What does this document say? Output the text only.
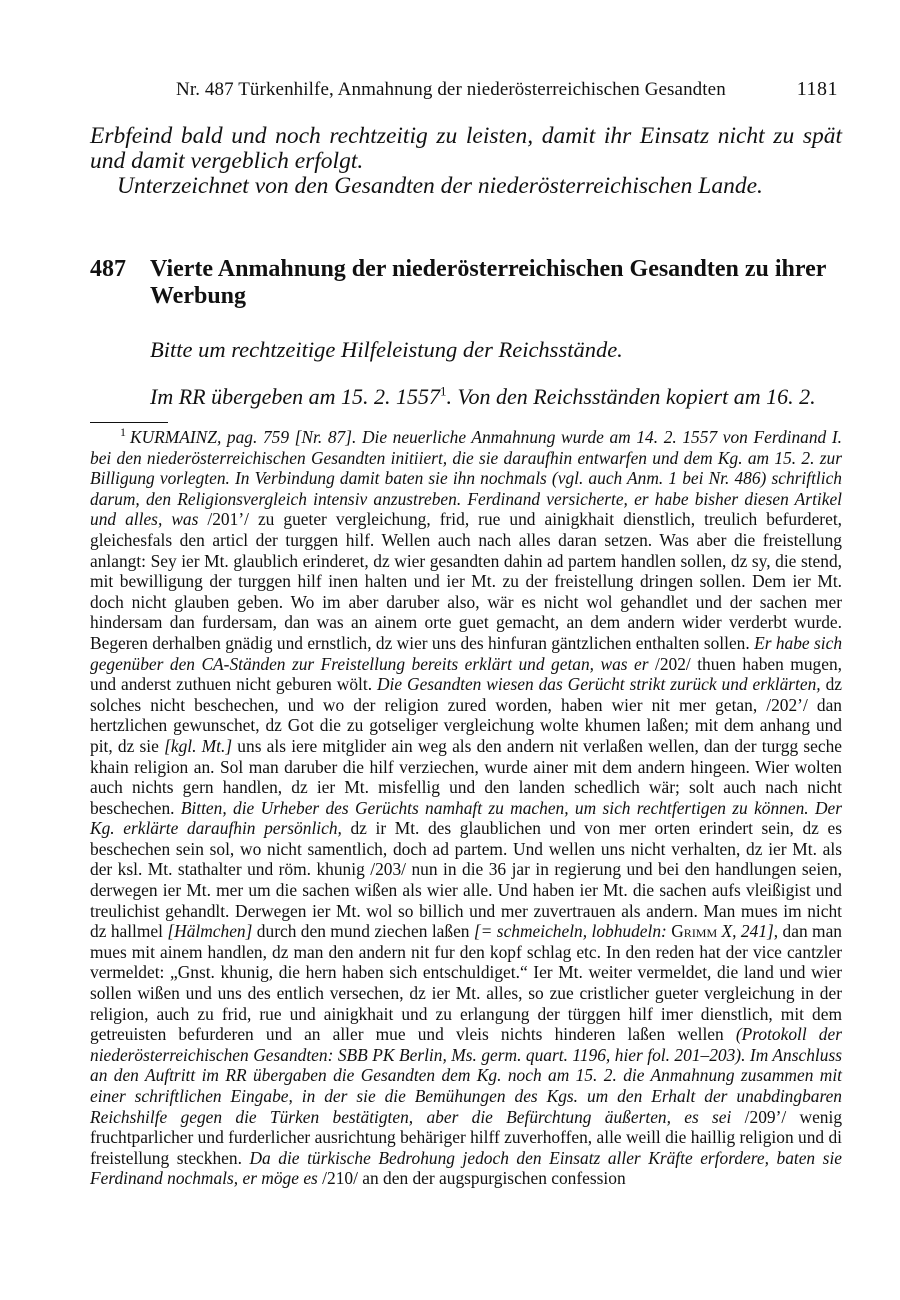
Nr. 487 Türkenhilfe, Anmahnung der niederösterreichischen Gesandten	1181

Erbfeind bald und noch rechtzeitig zu leisten, damit ihr Einsatz nicht zu spät und damit vergeblich erfolgt.

Unterzeichnet von den Gesandten der niederösterreichischen Lande.

487 Vierte Anmahnung der niederösterreichischen Gesandten zu ihrer Werbung
Bitte um rechtzeitige Hilfeleistung der Reichsstände.
Im RR übergeben am 15. 2. 1557$^1$. Von den Reichsständen kopiert am 16. 2.

$^1$ KURMAINZ, pag. 759 [Nr. 87]. Die neuerliche Anmahnung wurde am 14. 2. 1557 von Ferdinand I. bei den niederösterreichischen Gesandten initiiert, die sie daraufhin entwarfen und dem Kg. am 15. 2. zur Billigung vorlegten. In Verbindung damit baten sie ihn nochmals (vgl. auch Anm. 1 bei Nr. 486) schriftlich darum, den Religionsvergleich intensiv anzustreben. Ferdinand versicherte, er habe bisher diesen Artikel und alles, was /201’/ zu gueter vergleichung, frid, rue und ainigkhait dienstlich, treulich befurderet, gleichesfals den articl der turggen hilf. Wellen auch nach alles daran setzen. Was aber die freistellung anlangt: Sey ier Mt. glaublich erinderet, dz wier gesandten dahin ad partem handlen sollen, dz sy, die stend, mit bewilligung der turggen hilf inen halten und ier Mt. zu der freistellung dringen sollen. Dem ier Mt. doch nicht glauben geben. Wo im aber daruber also, wär es nicht wol gehandlet und der sachen mer hindersam dan furdersam, dan was an ainem orte guet gemacht, an dem andern wider verderbt wurde. Begeren derhalben gnädig und ernstlich, dz wier uns des hinfuran gäntzlichen enthalten sollen. Er habe sich gegenüber den CA-Ständen zur Freistellung bereits erklärt und getan, was er /202/ thuen haben mugen, und anderst zuthuen nicht geburen wölt. Die Gesandten wiesen das Gerücht strikt zurück und erklärten, dz solches nicht beschechen, und wo der religion zured worden, haben wier nit mer getan, /202’/ dan hertzlichen gewunschet, dz Got die zu gotseliger vergleichung wolte khumen laßen; mit dem anhang und pit, dz sie [kgl. Mt.] uns als iere mitglider ain weg als den andern nit verlaßen wellen, dan der turgg seche khain religion an. Sol man daruber die hilf verziechen, wurde ainer mit dem andern hingeen. Wier wolten auch nichts gern handlen, dz ier Mt. misfellig und den landen schedlich wär; solt auch nach nicht beschechen. Bitten, die Urheber des Gerüchts namhaft zu machen, um sich rechtfertigen zu können. Der Kg. erklärte daraufhin persönlich, dz ir Mt. des glaublichen und von mer orten erindert sein, dz es beschechen sein sol, wo nicht samentlich, doch ad partem. Und wellen uns nicht verhalten, dz ier Mt. als der ksl. Mt. stathalter und röm. khunig /203/ nun in die 36 jar in regierung und bei den handlungen seien, derwegen ier Mt. mer um die sachen wißen als wier alle. Und haben ier Mt. die sachen aufs vleißigist und treulichist gehandlt. Derwegen ier Mt. wol so billich und mer zuvertrauen als andern. Man mues im nicht dz hallmel [Hälmchen] durch den mund ziechen laßen [= schmeicheln, lobhudeln: Grimm X, 241], dan man mues mit ainem handlen, dz man den andern nit fur den kopf schlag etc. In den reden hat der vice cantzler vermeldet: „Gnst. khunig, die hern haben sich entschuldiget.“ Ier Mt. weiter vermeldet, die land und wier sollen wißen und uns des entlich versechen, dz ier Mt. alles, so zue cristlicher gueter vergleichung in der religion, auch zu frid, rue und ainigkhait und zu erlangung der türggen hilf imer dienstlich, mit dem getreuisten befurderen und an aller mue und vleis nichts hinderen laßen wellen (Protokoll der niederösterreichischen Gesandten: SBB PK Berlin, Ms. germ. quart. 1196, hier fol. 201–203). Im Anschluss an den Auftritt im RR übergaben die Gesandten dem Kg. noch am 15. 2. die Anmahnung zusammen mit einer schriftlichen Eingabe, in der sie die Bemühungen des Kgs. um den Erhalt der unabdingbaren Reichshilfe gegen die Türken bestätigten, aber die Befürchtung äußerten, es sei /209’/ wenig fruchtparlicher und furderlicher ausrichtung behäriger hilff zuverhoffen, alle weill die haillig religion und di freistellung steckhen. Da die türkische Bedrohung jedoch den Einsatz aller Kräfte erfordere, baten sie Ferdinand nochmals, er möge es /210/ an den der augspurgischen confession
